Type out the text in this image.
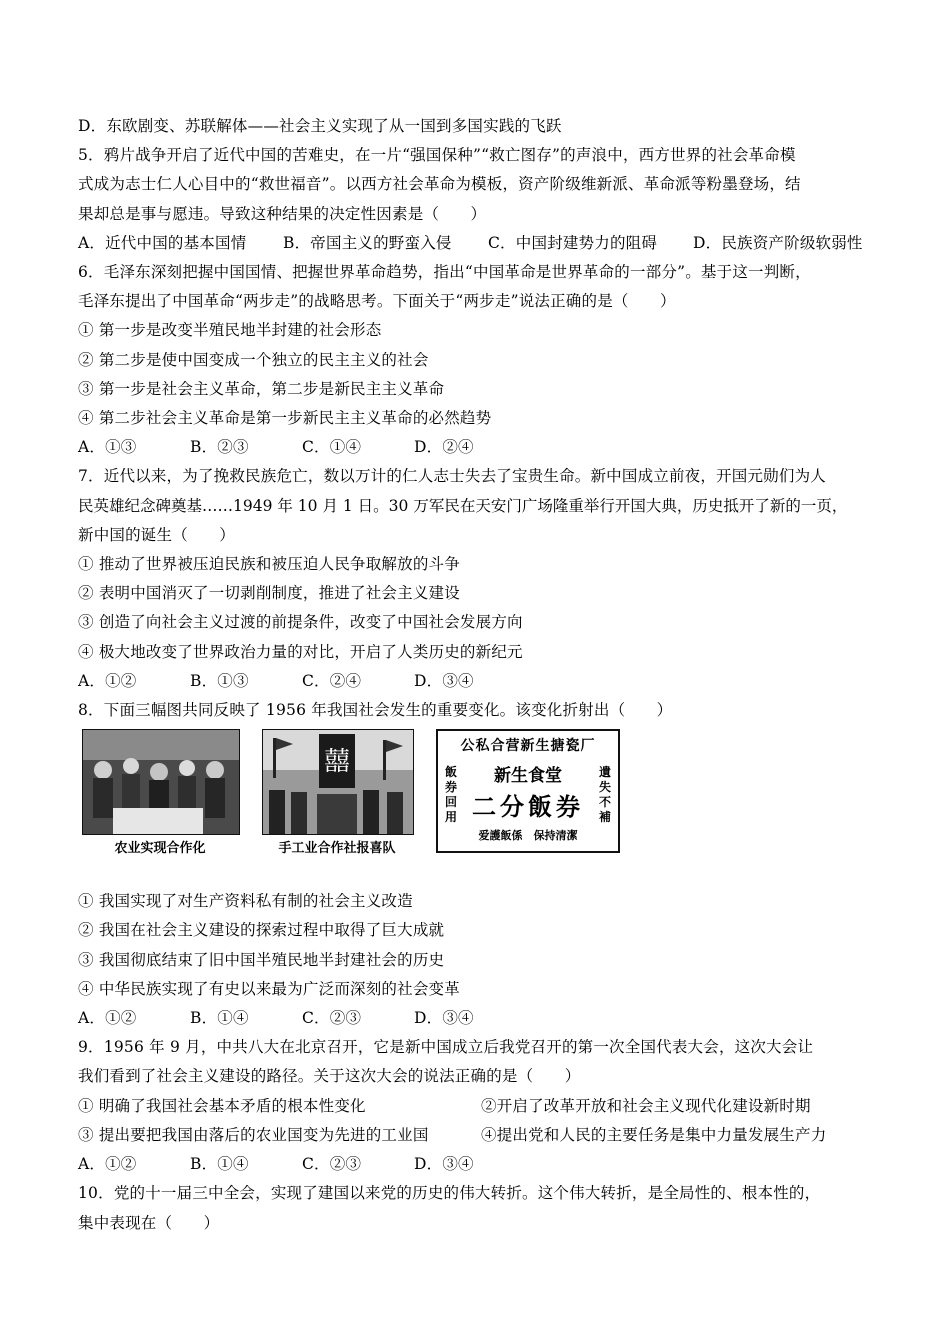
D．东欧剧变、苏联解体——社会主义实现了从一国到多国实践的飞跃
5．鸦片战争开启了近代中国的苦难史，在一片“强国保种”“救亡图存”的声浪中，西方世界的社会革命模
式成为志士仁人心目中的“救世福音”。以西方社会革命为模板，资产阶级维新派、革命派等粉墨登场，结
果却总是事与愿违。导致这种结果的决定性因素是（　　）
A．近代中国的基本国情	B．帝国主义的野蛮入侵	C．中国封建势力的阻碍	D．民族资产阶级软弱性
6．毛泽东深刻把握中国国情、把握世界革命趋势，指出“中国革命是世界革命的一部分”。基于这一判断，
毛泽东提出了中国革命“两步走”的战略思考。下面关于“两步走”说法正确的是（　　）
① 第一步是改变半殖民地半封建的社会形态
② 第二步是使中国变成一个独立的民主主义的社会
③ 第一步是社会主义革命，第二步是新民主主义革命
④ 第二步社会主义革命是第一步新民主主义革命的必然趋势
A．①③	B．②③	C．①④	D．②④
7．近代以来，为了挽救民族危亡，数以万计的仁人志士失去了宝贵生命。新中国成立前夜，开国元勋们为人
民英雄纪念碑奠基……1949 年 10 月 1 日。30 万军民在天安门广场隆重举行开国大典，历史抵开了新的一页，
新中国的诞生（　　）
① 推动了世界被压迫民族和被压迫人民争取解放的斗争
② 表明中国消灭了一切剥削制度，推进了社会主义建设
③ 创造了向社会主义过渡的前提条件，改变了中国社会发展方向
④ 极大地改变了世界政治力量的对比，开启了人类历史的新纪元
A．①②	B．①③	C．②④	D．③④
8．下面三幅图共同反映了 1956 年我国社会发生的重要变化。该变化折射出（　　）
农业实现合作化
囍
手工业合作社报喜队
公私合营新生搪瓷厂
新生食堂
二分飯券
爱護飯係　保持清潔
飯券回用
遺失不補
① 我国实现了对生产资料私有制的社会主义改造
② 我国在社会主义建设的探索过程中取得了巨大成就
③ 我国彻底结束了旧中国半殖民地半封建社会的历史
④ 中华民族实现了有史以来最为广泛而深刻的社会变革
A．①②	B．①④	C．②③	D．③④
9．1956 年 9 月，中共八大在北京召开，它是新中国成立后我党召开的第一次全国代表大会，这次大会让
我们看到了社会主义建设的路径。关于这次大会的说法正确的是（　　）
① 明确了我国社会基本矛盾的根本性变化	②开启了改革开放和社会主义现代化建设新时期
③ 提出要把我国由落后的农业国变为先进的工业国	④提出党和人民的主要任务是集中力量发展生产力
A．①②	B．①④	C．②③	D．③④
10．党的十一届三中全会，实现了建国以来党的历史的伟大转折。这个伟大转折，是全局性的、根本性的，
集中表现在（　　）
